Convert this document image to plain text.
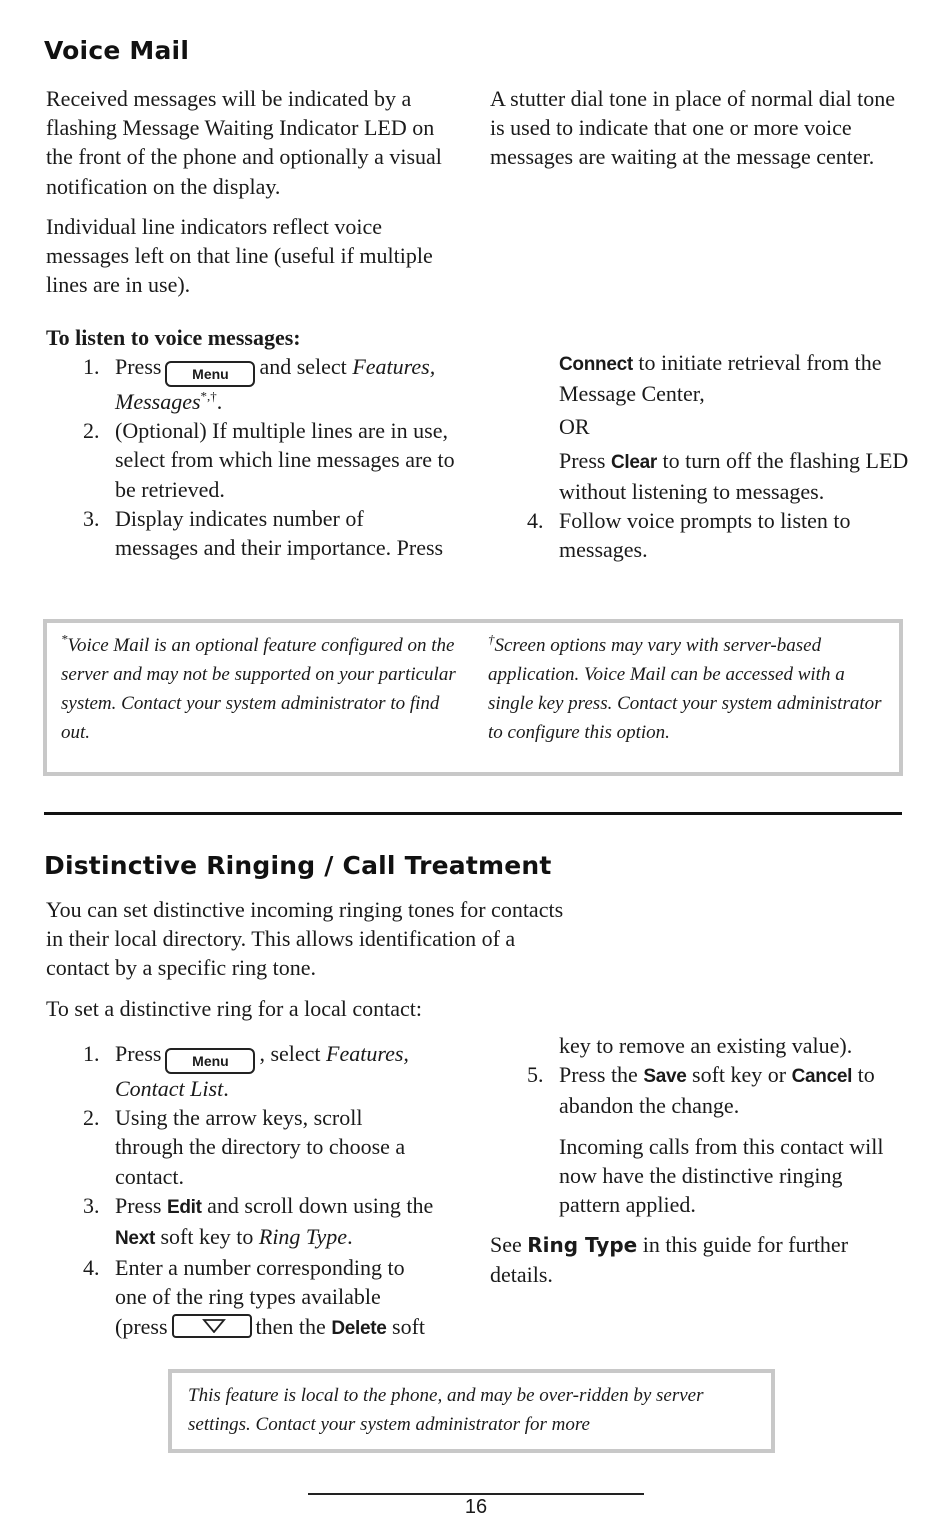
Voice Mail

Received messages will be indicated by a flashing Message Waiting Indicator LED on the front of the phone and optionally a visual notification on the display.

Individual line indicators reflect voice messages left on that line (useful if multiple lines are in use).

A stutter dial tone in place of normal dial tone is used to indicate that one or more voice messages are waiting at the message center.

To listen to voice messages:

1. Press Menu and select Features, Messages*,†.
2. (Optional) If multiple lines are in use, select from which line messages are to be retrieved.
3. Display indicates number of messages and their importance. Press
Connect to initiate retrieval from the Message Center,
OR
Press Clear to turn off the flashing LED without listening to messages.
4. Follow voice prompts to listen to messages.

*Voice Mail is an optional feature configured on the server and may not be supported on your particular system. Contact your system administrator to find out.

†Screen options may vary with server-based application. Voice Mail can be accessed with a single key press. Contact your system administrator to configure this option.

Distinctive Ringing / Call Treatment

You can set distinctive incoming ringing tones for contacts in their local directory. This allows identification of a contact by a specific ring tone.

To set a distinctive ring for a local contact:

1. Press Menu , select Features, Contact List.
2. Using the arrow keys, scroll through the directory to choose a contact.
3. Press Edit and scroll down using the Next soft key to Ring Type.
4. Enter a number corresponding to one of the ring types available (press	then the Delete soft
key to remove an existing value).
5. Press the Save soft key or Cancel to abandon the change.
Incoming calls from this contact will now have the distinctive ringing pattern applied.
See Ring Type in this guide for further details.

This feature is local to the phone, and may be over-ridden by server settings. Contact your system administrator for more

16
